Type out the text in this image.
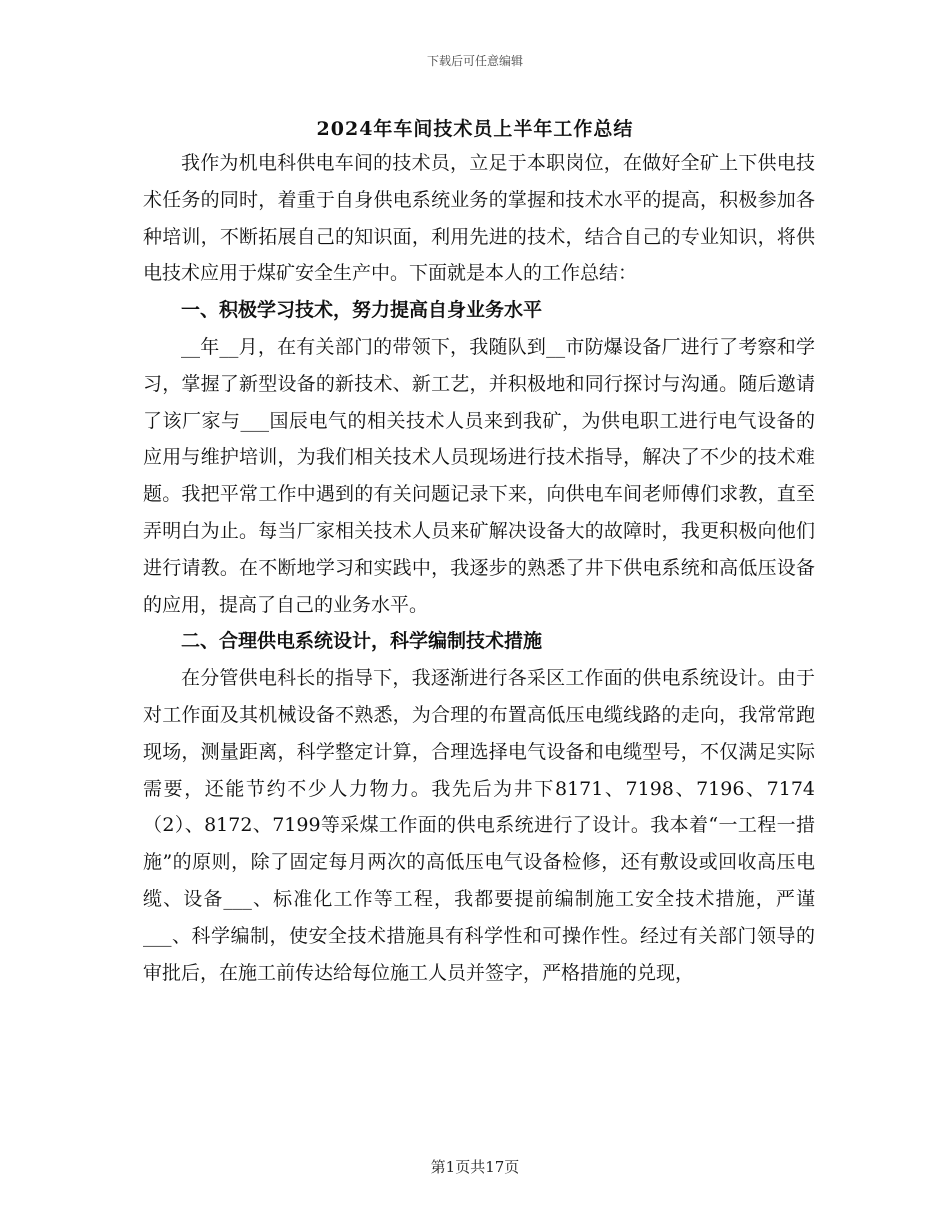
下载后可任意编辑
2024年车间技术员上半年工作总结

我作为机电科供电车间的技术员，立足于本职岗位，在做好全矿上下供电技术任务的同时，着重于自身供电系统业务的掌握和技术水平的提高，积极参加各种培训，不断拓展自己的知识面，利用先进的技术，结合自己的专业知识，将供电技术应用于煤矿安全生产中。下面就是本人的工作总结：

一、积极学习技术，努力提高自身业务水平

__年__月，在有关部门的带领下，我随队到__市防爆设备厂进行了考察和学习，掌握了新型设备的新技术、新工艺，并积极地和同行探讨与沟通。随后邀请了该厂家与___国辰电气的相关技术人员来到我矿，为供电职工进行电气设备的应用与维护培训，为我们相关技术人员现场进行技术指导，解决了不少的技术难题。我把平常工作中遇到的有关问题记录下来，向供电车间老师傅们求教，直至弄明白为止。每当厂家相关技术人员来矿解决设备大的故障时，我更积极向他们进行请教。在不断地学习和实践中，我逐步的熟悉了井下供电系统和高低压设备的应用，提高了自己的业务水平。

二、合理供电系统设计，科学编制技术措施

在分管供电科长的指导下，我逐渐进行各采区工作面的供电系统设计。由于对工作面及其机械设备不熟悉，为合理的布置高低压电缆线路的走向，我常常跑现场，测量距离，科学整定计算，合理选择电气设备和电缆型号，不仅满足实际需要，还能节约不少人力物力。我先后为井下8171、7198、7196、7174（2）、8172、7199等采煤工作面的供电系统进行了设计。我本着“一工程一措施”的原则，除了固定每月两次的高低压电气设备检修，还有敷设或回收高压电缆、设备___、标准化工作等工程，我都要提前编制施工安全技术措施，严谨___、科学编制，使安全技术措施具有科学性和可操作性。经过有关部门领导的审批后，在施工前传达给每位施工人员并签字，严格措施的兑现，

第1页共17页
